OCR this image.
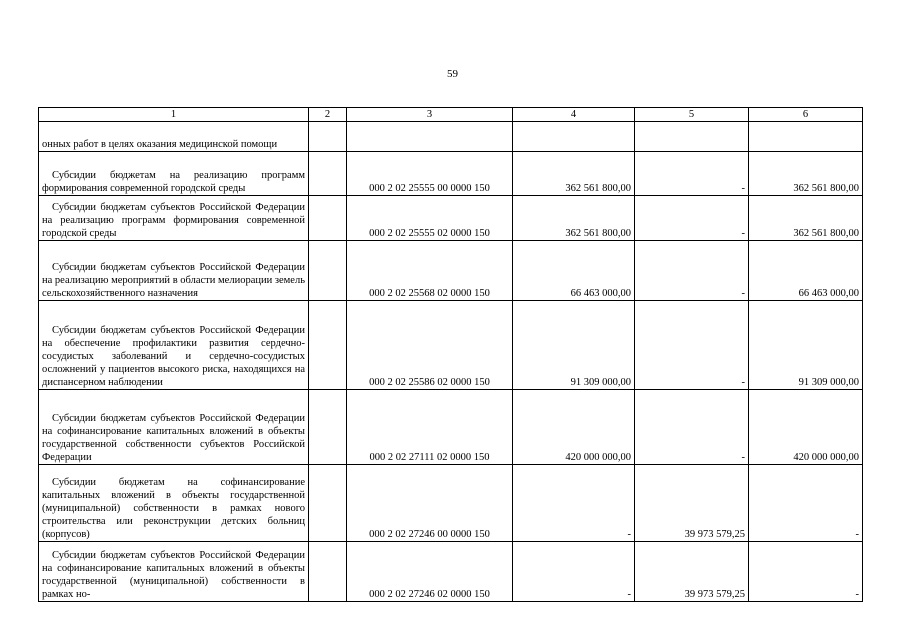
59
1	2	3	4	5	6
онных работ в целях оказания медицинской помощи					
Субсидии бюджетам на реализацию программ формирования современной городской среды		000 2 02 25555 00 0000 150	362 561 800,00	-	362 561 800,00
Субсидии бюджетам субъектов Российской Федерации на реализацию программ формирования современной городской среды		000 2 02 25555 02 0000 150	362 561 800,00	-	362 561 800,00
Субсидии бюджетам субъектов Российской Федерации на реализацию мероприятий в области мелиорации земель сельскохозяйственного назначения		000 2 02 25568 02 0000 150	66 463 000,00	-	66 463 000,00
Субсидии бюджетам субъектов Российской Федерации на обеспечение профилактики развития сердечно-сосудистых заболеваний и сердечно-сосудистых осложнений у пациентов высокого риска, находящихся на диспансерном наблюдении		000 2 02 25586 02 0000 150	91 309 000,00	-	91 309 000,00
Субсидии бюджетам субъектов Российской Федерации на софинансирование капитальных вложений в объекты государственной собственности субъектов Российской Федерации		000 2 02 27111 02 0000 150	420 000 000,00	-	420 000 000,00
Субсидии бюджетам на софинансирование капитальных вложений в объекты государственной (муниципальной) собственности в рамках нового строительства или реконструкции детских больниц (корпусов)		000 2 02 27246 00 0000 150	-	39 973 579,25	-
Субсидии бюджетам субъектов Российской Федерации на софинансирование капитальных вложений в объекты государственной (муниципальной) собственности в рамках но-		000 2 02 27246 02 0000 150	-	39 973 579,25	-
